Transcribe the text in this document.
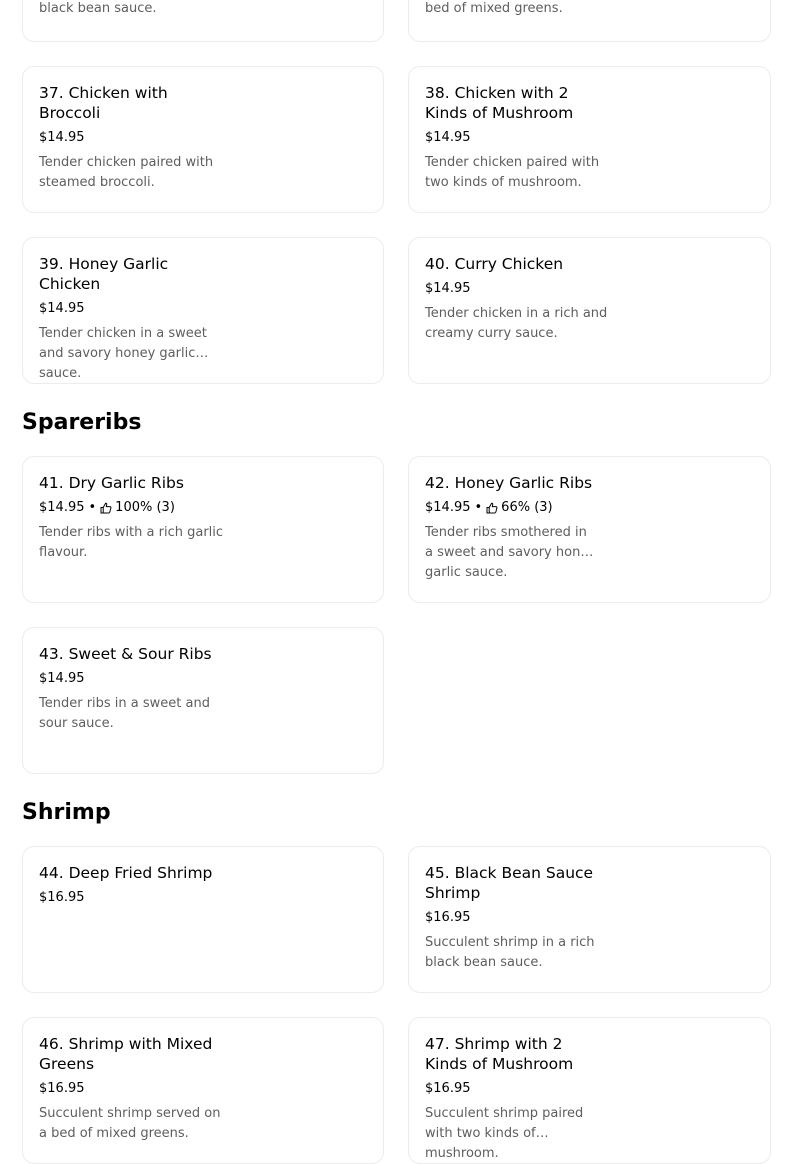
black bean sauce.	bed of mixed greens.
37. Chicken with Broccoli
$14.95
Tender chicken paired with steamed broccoli.
38. Chicken with 2 Kinds of Mushroom
$14.95
Tender chicken paired with two kinds of mushroom.
39. Honey Garlic Chicken
$14.95
Tender chicken in a sweet and savory honey garlic sauce.
40. Curry Chicken
$14.95
Tender chicken in a rich and creamy curry sauce.
Spareribs
41. Dry Garlic Ribs
$14.95 • 100% (3)
Tender ribs with a rich garlic flavour.
42. Honey Garlic Ribs
$14.95 • 66% (3)
Tender ribs smothered in a sweet and savory honey garlic sauce.
43. Sweet & Sour Ribs
$14.95
Tender ribs in a sweet and sour sauce.
Shrimp
44. Deep Fried Shrimp
$16.95
45. Black Bean Sauce Shrimp
$16.95
Succulent shrimp in a rich black bean sauce.
46. Shrimp with Mixed Greens
$16.95
Succulent shrimp served on a bed of mixed greens.
47. Shrimp with 2 Kinds of Mushroom
$16.95
Succulent shrimp paired with two kinds of mushroom.
